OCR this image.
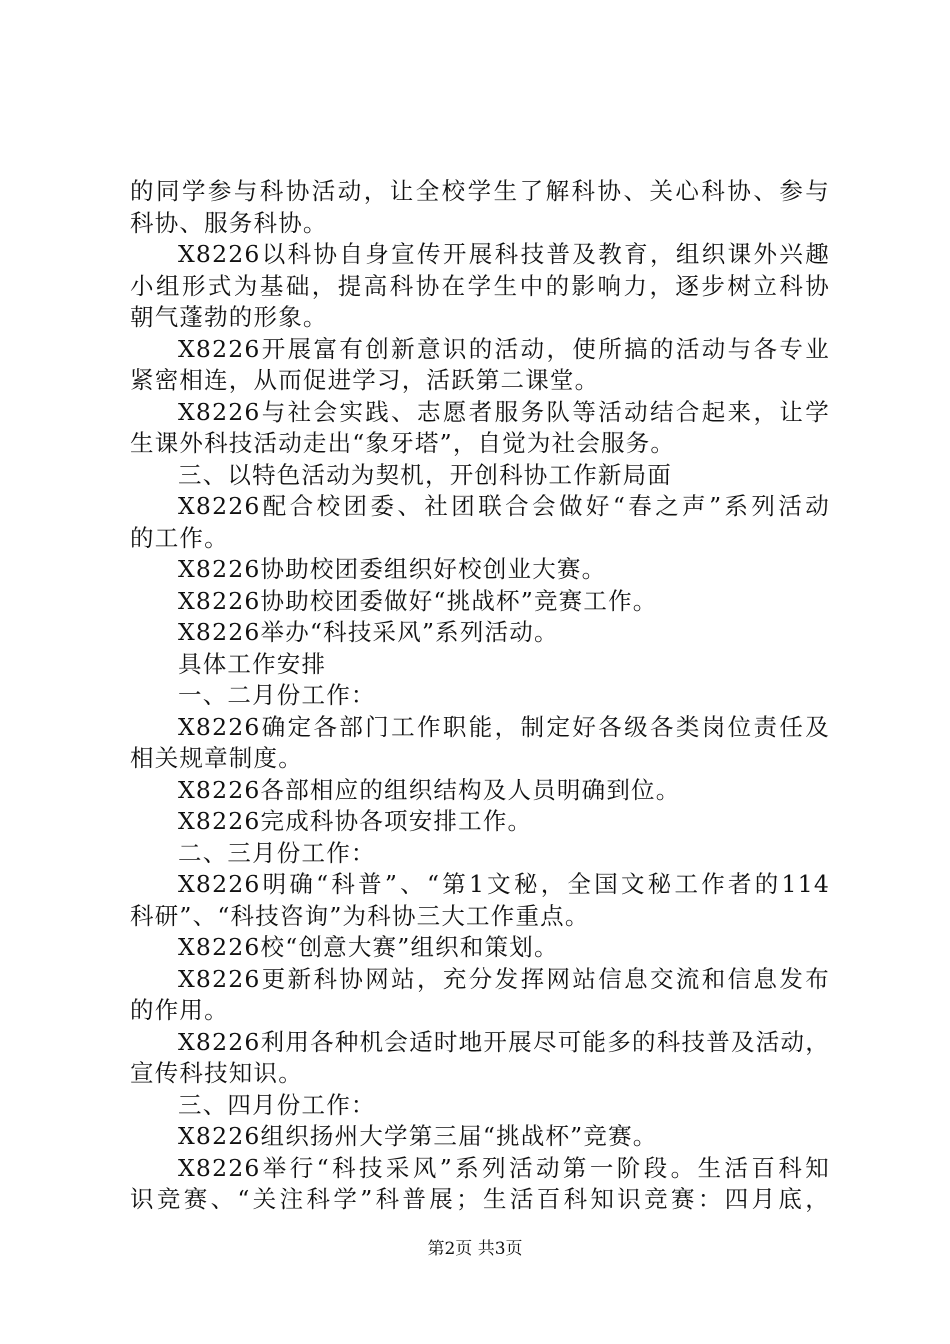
的同学参与科协活动，让全校学生了解科协、关心科协、参与
科协、服务科协。
X8226以科协自身宣传开展科技普及教育，组织课外兴趣
小组形式为基础，提高科协在学生中的影响力，逐步树立科协
朝气蓬勃的形象。
X8226开展富有创新意识的活动，使所搞的活动与各专业
紧密相连，从而促进学习，活跃第二课堂。
X8226与社会实践、志愿者服务队等活动结合起来，让学
生课外科技活动走出“象牙塔”，自觉为社会服务。
三、以特色活动为契机，开创科协工作新局面
X8226配合校团委、社团联合会做好“春之声”系列活动
的工作。
X8226协助校团委组织好校创业大赛。
X8226协助校团委做好“挑战杯”竞赛工作。
X8226举办“科技采风”系列活动。
具体工作安排
一、二月份工作：
X8226确定各部门工作职能，制定好各级各类岗位责任及
相关规章制度。
X8226各部相应的组织结构及人员明确到位。
X8226完成科协各项安排工作。
二、三月份工作：
X8226明确“科普”、“第1文秘，全国文秘工作者的114
科研”、“科技咨询”为科协三大工作重点。
X8226校“创意大赛”组织和策划。
X8226更新科协网站，充分发挥网站信息交流和信息发布
的作用。
X8226利用各种机会适时地开展尽可能多的科技普及活动，
宣传科技知识。
三、四月份工作：
X8226组织扬州大学第三届“挑战杯”竞赛。
X8226举行“科技采风”系列活动第一阶段。生活百科知
识竞赛、“关注科学”科普展；生活百科知识竞赛：四月底，
第2页 共3页
